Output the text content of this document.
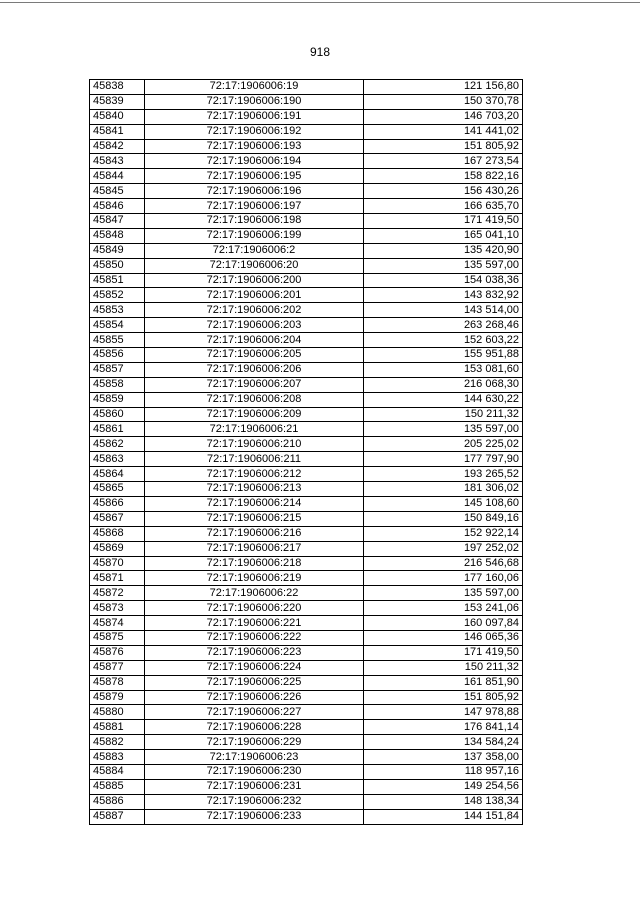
918
45838	72:17:1906006:19	121 156,80
45839	72:17:1906006:190	150 370,78
45840	72:17:1906006:191	146 703,20
45841	72:17:1906006:192	141 441,02
45842	72:17:1906006:193	151 805,92
45843	72:17:1906006:194	167 273,54
45844	72:17:1906006:195	158 822,16
45845	72:17:1906006:196	156 430,26
45846	72:17:1906006:197	166 635,70
45847	72:17:1906006:198	171 419,50
45848	72:17:1906006:199	165 041,10
45849	72:17:1906006:2	135 420,90
45850	72:17:1906006:20	135 597,00
45851	72:17:1906006:200	154 038,36
45852	72:17:1906006:201	143 832,92
45853	72:17:1906006:202	143 514,00
45854	72:17:1906006:203	263 268,46
45855	72:17:1906006:204	152 603,22
45856	72:17:1906006:205	155 951,88
45857	72:17:1906006:206	153 081,60
45858	72:17:1906006:207	216 068,30
45859	72:17:1906006:208	144 630,22
45860	72:17:1906006:209	150 211,32
45861	72:17:1906006:21	135 597,00
45862	72:17:1906006:210	205 225,02
45863	72:17:1906006:211	177 797,90
45864	72:17:1906006:212	193 265,52
45865	72:17:1906006:213	181 306,02
45866	72:17:1906006:214	145 108,60
45867	72:17:1906006:215	150 849,16
45868	72:17:1906006:216	152 922,14
45869	72:17:1906006:217	197 252,02
45870	72:17:1906006:218	216 546,68
45871	72:17:1906006:219	177 160,06
45872	72:17:1906006:22	135 597,00
45873	72:17:1906006:220	153 241,06
45874	72:17:1906006:221	160 097,84
45875	72:17:1906006:222	146 065,36
45876	72:17:1906006:223	171 419,50
45877	72:17:1906006:224	150 211,32
45878	72:17:1906006:225	161 851,90
45879	72:17:1906006:226	151 805,92
45880	72:17:1906006:227	147 978,88
45881	72:17:1906006:228	176 841,14
45882	72:17:1906006:229	134 584,24
45883	72:17:1906006:23	137 358,00
45884	72:17:1906006:230	118 957,16
45885	72:17:1906006:231	149 254,56
45886	72:17:1906006:232	148 138,34
45887	72:17:1906006:233	144 151,84
